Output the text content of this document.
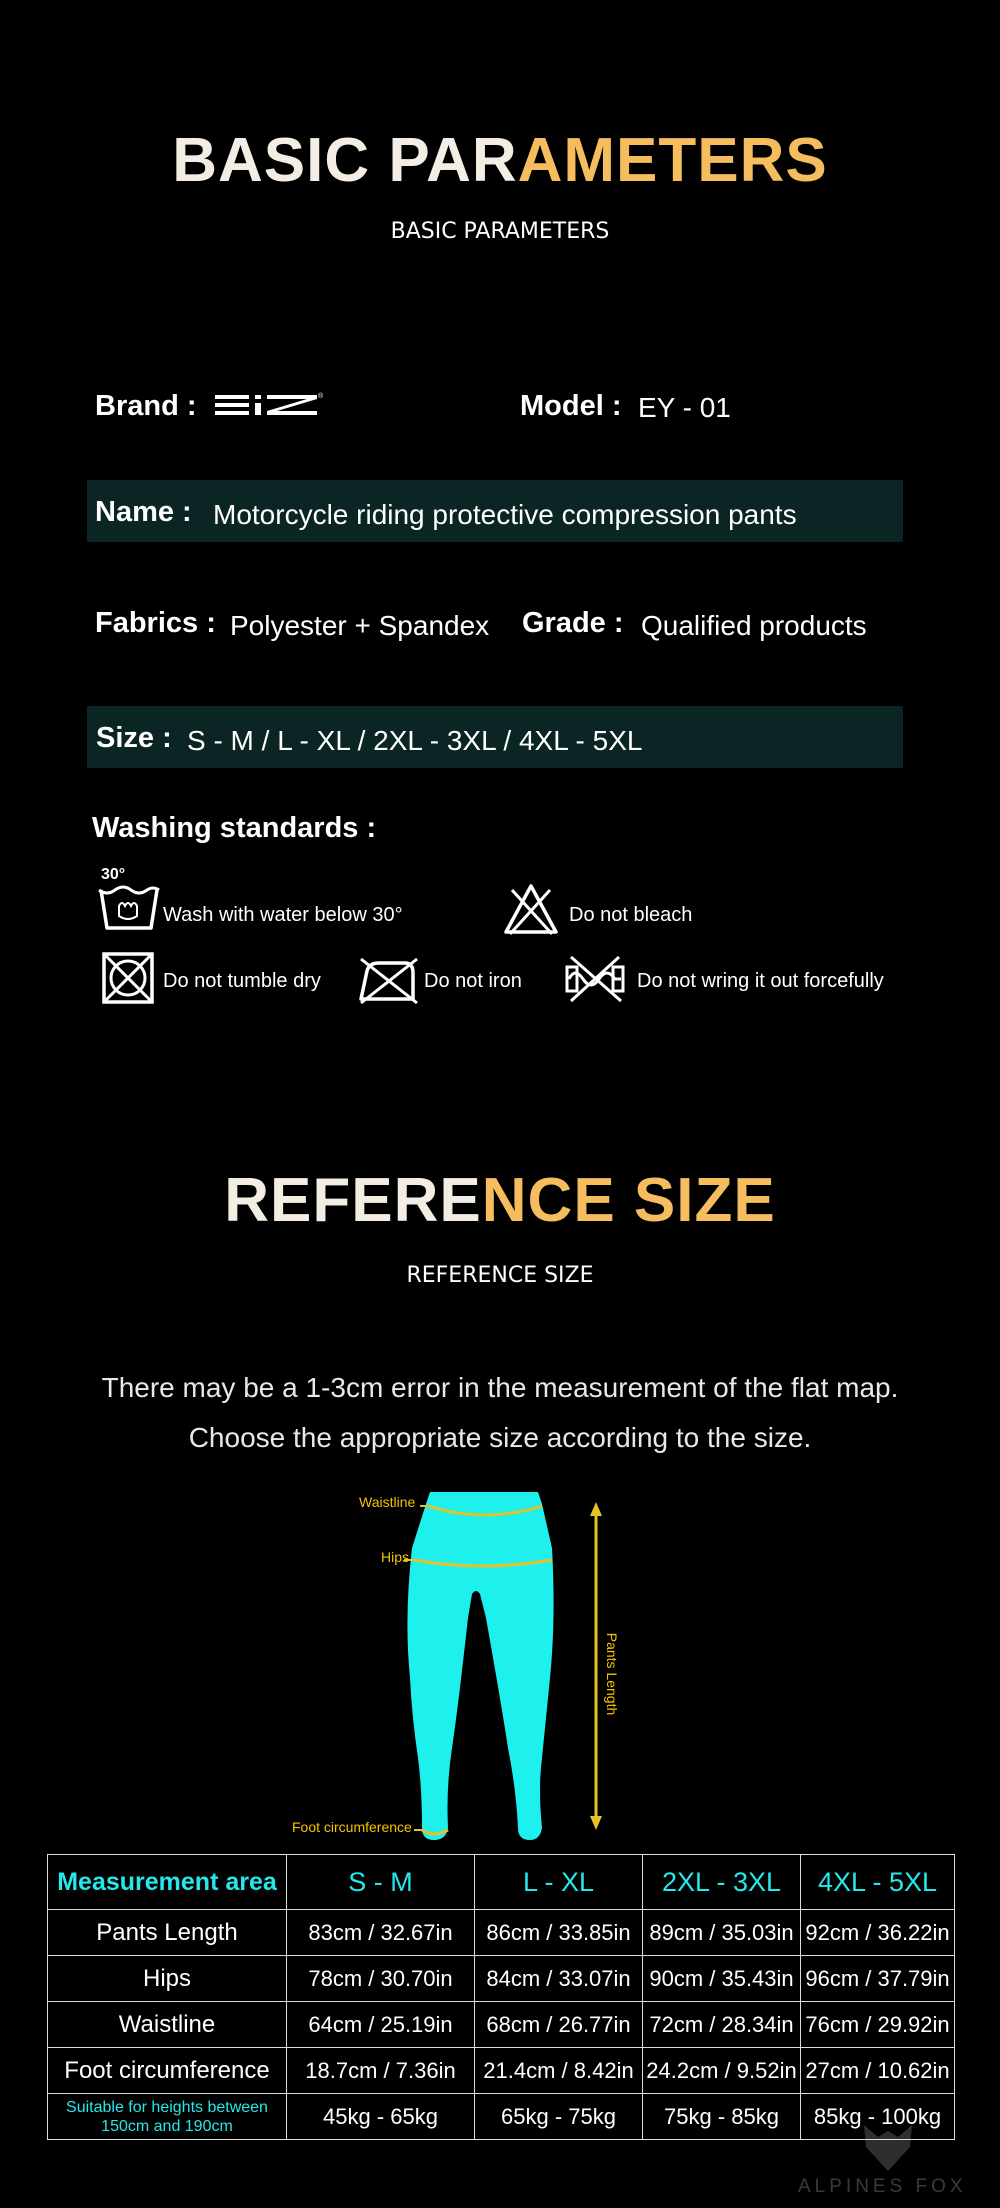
BASIC PARAMETERS
BASIC PARAMETERS
Brand :	®	Model : EY - 01
Name : Motorcycle riding protective compression pants
Fabrics : Polyester + Spandex Grade : Qualified products
Size : S - M / L - XL / 2XL - 3XL / 4XL - 5XL
Washing standards :
30°
Wash with water below 30°	Do not bleach
Do not tumble dry	Do not iron	Do not wring it out forcefully
REFERENCE SIZE
REFERENCE SIZE
There may be a 1-3cm error in the measurement of the flat map.
Choose the appropriate size according to the size.
Waistline
Hips
Foot circumference
Pants Length
Measurement area	S - M	L - XL	2XL - 3XL	4XL - 5XL
Pants Length	83cm / 32.67in	86cm / 33.85in	89cm / 35.03in	92cm / 36.22in
Hips	78cm / 30.70in	84cm / 33.07in	90cm / 35.43in	96cm / 37.79in
Waistline	64cm / 25.19in	68cm / 26.77in	72cm / 28.34in	76cm / 29.92in
Foot circumference	18.7cm / 7.36in	21.4cm / 8.42in	24.2cm / 9.52in	27cm / 10.62in
Suitable for heights between 150cm and 190cm	45kg - 65kg	65kg - 75kg	75kg - 85kg	85kg - 100kg
ALPINES FOX
